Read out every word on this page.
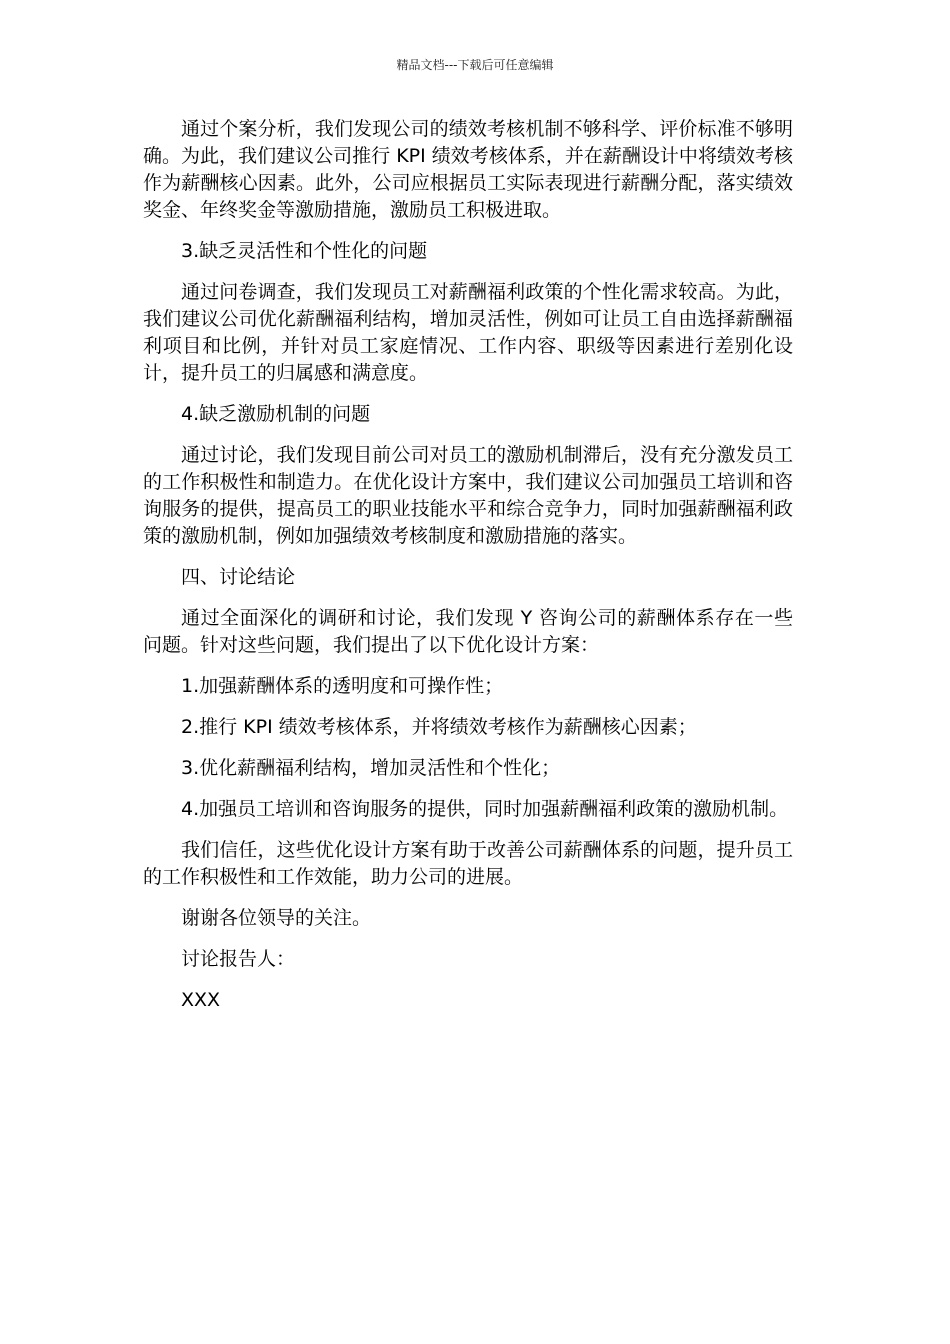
精品文档---下载后可任意编辑

通过个案分析，我们发现公司的绩效考核机制不够科学、评价标准不够明确。为此，我们建议公司推行 KPI 绩效考核体系，并在薪酬设计中将绩效考核作为薪酬核心因素。此外，公司应根据员工实际表现进行薪酬分配，落实绩效奖金、年终奖金等激励措施，激励员工积极进取。

3.缺乏灵活性和个性化的问题

通过问卷调查，我们发现员工对薪酬福利政策的个性化需求较高。为此，我们建议公司优化薪酬福利结构，增加灵活性，例如可让员工自由选择薪酬福利项目和比例，并针对员工家庭情况、工作内容、职级等因素进行差别化设计，提升员工的归属感和满意度。

4.缺乏激励机制的问题

通过讨论，我们发现目前公司对员工的激励机制滞后，没有充分激发员工的工作积极性和制造力。在优化设计方案中，我们建议公司加强员工培训和咨询服务的提供，提高员工的职业技能水平和综合竞争力，同时加强薪酬福利政策的激励机制，例如加强绩效考核制度和激励措施的落实。

四、讨论结论

通过全面深化的调研和讨论，我们发现 Y 咨询公司的薪酬体系存在一些问题。针对这些问题，我们提出了以下优化设计方案：

1.加强薪酬体系的透明度和可操作性；

2.推行 KPI 绩效考核体系，并将绩效考核作为薪酬核心因素；

3.优化薪酬福利结构，增加灵活性和个性化；

4.加强员工培训和咨询服务的提供，同时加强薪酬福利政策的激励机制。

我们信任，这些优化设计方案有助于改善公司薪酬体系的问题，提升员工的工作积极性和工作效能，助力公司的进展。

谢谢各位领导的关注。

讨论报告人：

XXX
